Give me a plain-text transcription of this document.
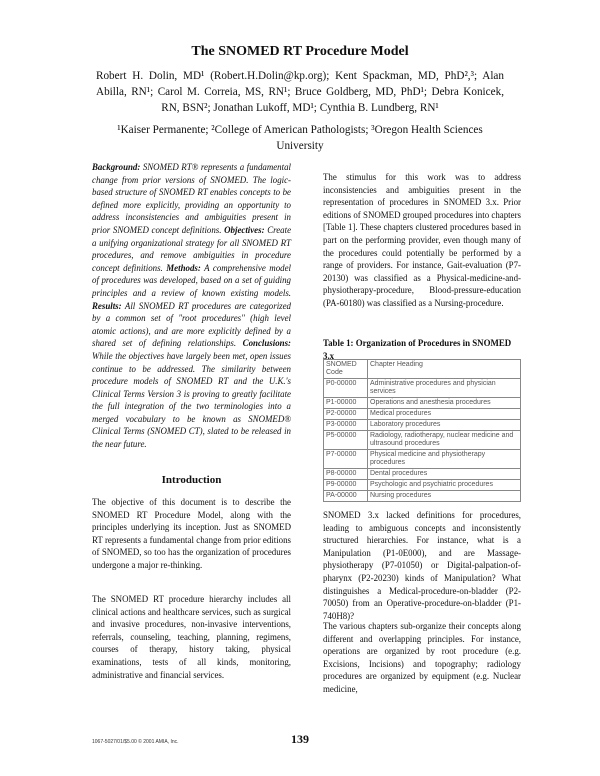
The SNOMED RT Procedure Model
Robert H. Dolin, MD¹ (Robert.H.Dolin@kp.org); Kent Spackman, MD, PhD²,³; Alan Abilla, RN¹; Carol M. Correia, MS, RN¹; Bruce Goldberg, MD, PhD¹; Debra Konicek, RN, BSN²; Jonathan Lukoff, MD¹; Cynthia B. Lundberg, RN¹
¹Kaiser Permanente; ²College of American Pathologists; ³Oregon Health Sciences University
Background: SNOMED RT® represents a fundamental change from prior versions of SNOMED. The logic-based structure of SNOMED RT enables concepts to be defined more explicitly, providing an opportunity to address inconsistencies and ambiguities present in prior SNOMED concept definitions. Objectives: Create a unifying organizational strategy for all SNOMED RT procedures, and remove ambiguities in procedure concept definitions. Methods: A comprehensive model of procedures was developed, based on a set of guiding principles and a review of known existing models. Results: All SNOMED RT procedures are categorized by a common set of "root procedures" (high level atomic actions), and are more explicitly defined by a shared set of defining relationships. Conclusions: While the objectives have largely been met, open issues continue to be addressed. The similarity between procedure models of SNOMED RT and the U.K.'s Clinical Terms Version 3 is proving to greatly facilitate the full integration of the two terminologies into a merged vocabulary to be known as SNOMED® Clinical Terms (SNOMED CT), slated to be released in the near future.
Introduction

The objective of this document is to describe the SNOMED RT Procedure Model, along with the principles underlying its inception. Just as SNOMED RT represents a fundamental change from prior editions of SNOMED, so too has the organization of procedures undergone a major re-thinking.

The SNOMED RT procedure hierarchy includes all clinical actions and healthcare services, such as surgical and invasive procedures, non-invasive interventions, referrals, counseling, teaching, planning, regimens, courses of therapy, history taking, physical examinations, tests of all kinds, monitoring, administrative and financial services.

The stimulus for this work was to address inconsistencies and ambiguities present in the representation of procedures in SNOMED 3.x. Prior editions of SNOMED grouped procedures into chapters [Table 1]. These chapters clustered procedures based in part on the performing provider, even though many of the procedures could potentially be performed by a range of providers. For instance, Gait-evaluation (P7-20130) was classified as a Physical-medicine-and-physiotherapy-procedure, Blood-pressure-education (PA-60180) was classified as a Nursing-procedure.

Table 1: Organization of Procedures in SNOMED 3.x
SNOMED Code	Chapter Heading
P0-00000	Administrative procedures and physician services
P1-00000	Operations and anesthesia procedures
P2-00000	Medical procedures
P3-00000	Laboratory procedures
P5-00000	Radiology, radiotherapy, nuclear medicine and ultrasound procedures
P7-00000	Physical medicine and physiotherapy procedures
P8-00000	Dental procedures
P9-00000	Psychologic and psychiatric procedures
PA-00000	Nursing procedures

SNOMED 3.x lacked definitions for procedures, leading to ambiguous concepts and inconsistently structured hierarchies. For instance, what is a Manipulation (P1-0E000), and are Massage-physiotherapy (P7-01050) or Digital-palpation-of-pharynx (P2-20230) kinds of Manipulation? What distinguishes a Medical-procedure-on-bladder (P2-70050) from an Operative-procedure-on-bladder (P1-740H8)?

The various chapters sub-organize their concepts along different and overlapping principles. For instance, operations are organized by root procedure (e.g. Excisions, Incisions) and topography; radiology procedures are organized by equipment (e.g. Nuclear medicine,

1067-5027/01/$5.00 © 2001 AMIA, Inc.	139
